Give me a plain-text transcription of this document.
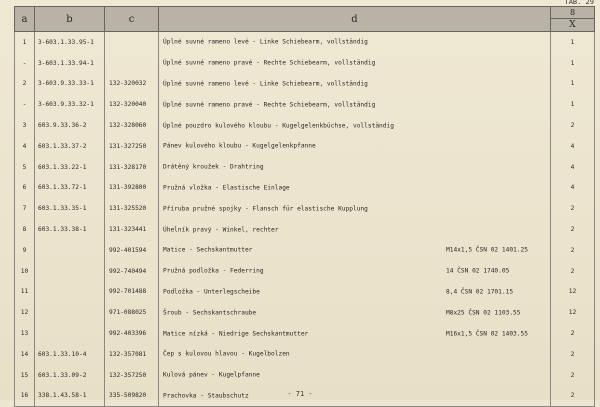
TAB. 29
a	b	c	d	8
X

1	3-603.1.33.95-1		Úplné suvné rameno levé - Linke Schiebearm, vollständig	1
-	3-603.1.33.94-1		Úplné suvné rameno pravé - Rechte Schiebearm, vollständig	1
2	3-603.9.33.33-1	132-320032	Úplné suvné rameno levé - Linke Schiebearm, vollständig	1
-	3-603.9.33.32-1	132-320040	Úplné suvné rameno pravé - Rechte Schiebearm, vollständig	1
3	603.9.33.36-2	132-328060	Úplné pouzdro kulového kloubu - Kugelgelenkbüchse, vollständig	2
4	603.1.33.37-2	131-327250	Pánev kulového kloubu - Kugelgelenkpfanne	4
5	603.1.33.22-1	131-328170	Drátěný kroužek - Drahtring	4
6	603.1.33.72-1	131-392800	Pružná vložka - Elastische Einlage	4
7	603.1.33.35-1	131-325520	Příruba pružné spojky - Flansch für elastische Kupplung	2
8	603.1.33.38-1	131-323441	Úhelník pravý - Winkel, rechter	2
9		992-401594	Matice - Sechskantmutter M14x1,5 ČSN 02 1401.25	2
10		992-740494	Pružná podložka - Federring 14 ČSN 02 1740.05	2
11		992-701488	Podložka - Unterlegscheibe 8,4 ČSN 02 1701.15	12
12		971-088025	Šroub - Sechskantschraube M8x25 ČSN 02 1103.55	12
13		992-403396	Matice nízká - Niedrige Sechskantmutter M16x1,5 ČSN 02 1403.55	2
14	603.1.33.10-4	132-357081	Čep s kulovou hlavou - Kugelbolzen	2
15	603.1.33.09-2	132-357250	Kulová pánev - Kugelpfanne	2
16	338.1.43.58-1	335-509820	Prachovka - Staubschutz	2
- 71 -
